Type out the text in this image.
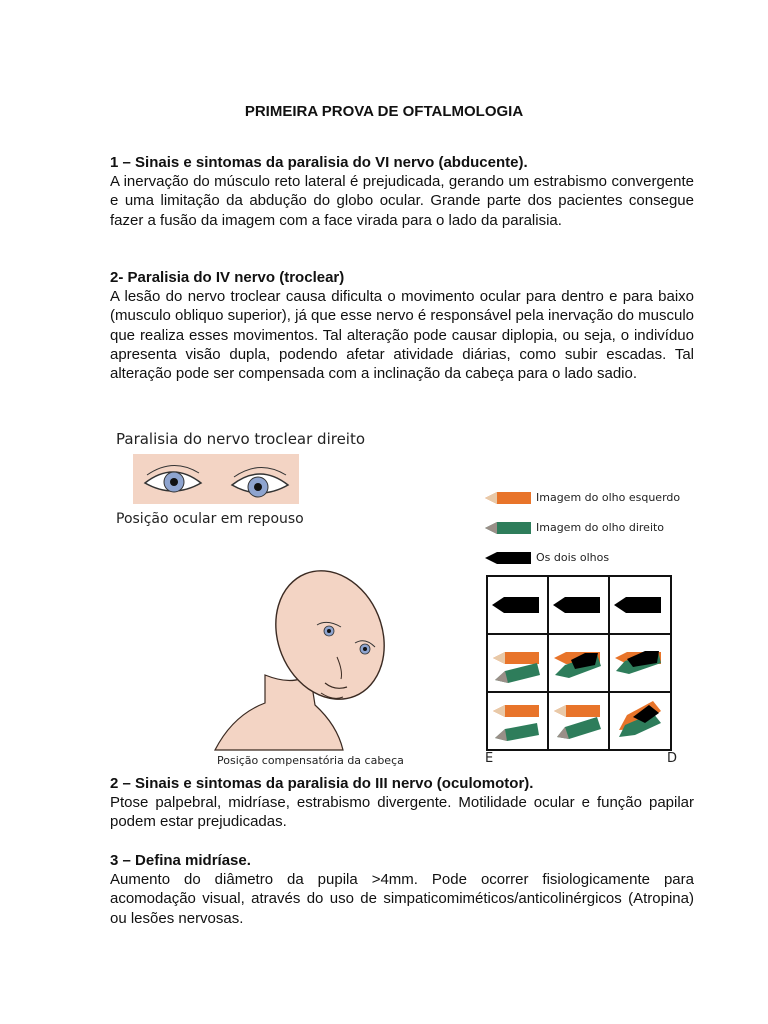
PRIMEIRA PROVA DE OFTALMOLOGIA
1 – Sinais e sintomas da paralisia do VI nervo (abducente).

A inervação do músculo reto lateral é prejudicada, gerando um estrabismo convergente e uma limitação da abdução do globo ocular. Grande parte dos pacientes consegue fazer a fusão da imagem com a face virada para o lado da paralisia.

2- Paralisia do IV nervo (troclear)

A lesão do nervo troclear causa dificulta o movimento ocular para dentro e para baixo (musculo obliquo superior), já que esse nervo é responsável pela inervação do musculo que realiza esses movimentos. Tal alteração pode causar diplopia, ou seja, o indivíduo apresenta visão dupla, podendo afetar atividade diárias, como subir escadas. Tal alteração pode ser compensada com a inclinação da cabeça para o lado sadio.

Paralisia do nervo troclear direito
Posição ocular em repouso
Posição compensatória da cabeça
Imagem do olho esquerdo
Imagem do olho direito
Os dois olhos
E	D
2 – Sinais e sintomas da paralisia do III nervo (oculomotor).

Ptose palpebral, midríase, estrabismo divergente. Motilidade ocular e função papilar podem estar prejudicadas.

3 – Defina midríase.

Aumento do diâmetro da pupila >4mm. Pode ocorrer fisiologicamente para acomodação visual, através do uso de simpaticomiméticos/anticolinérgicos (Atropina) ou lesões nervosas.
